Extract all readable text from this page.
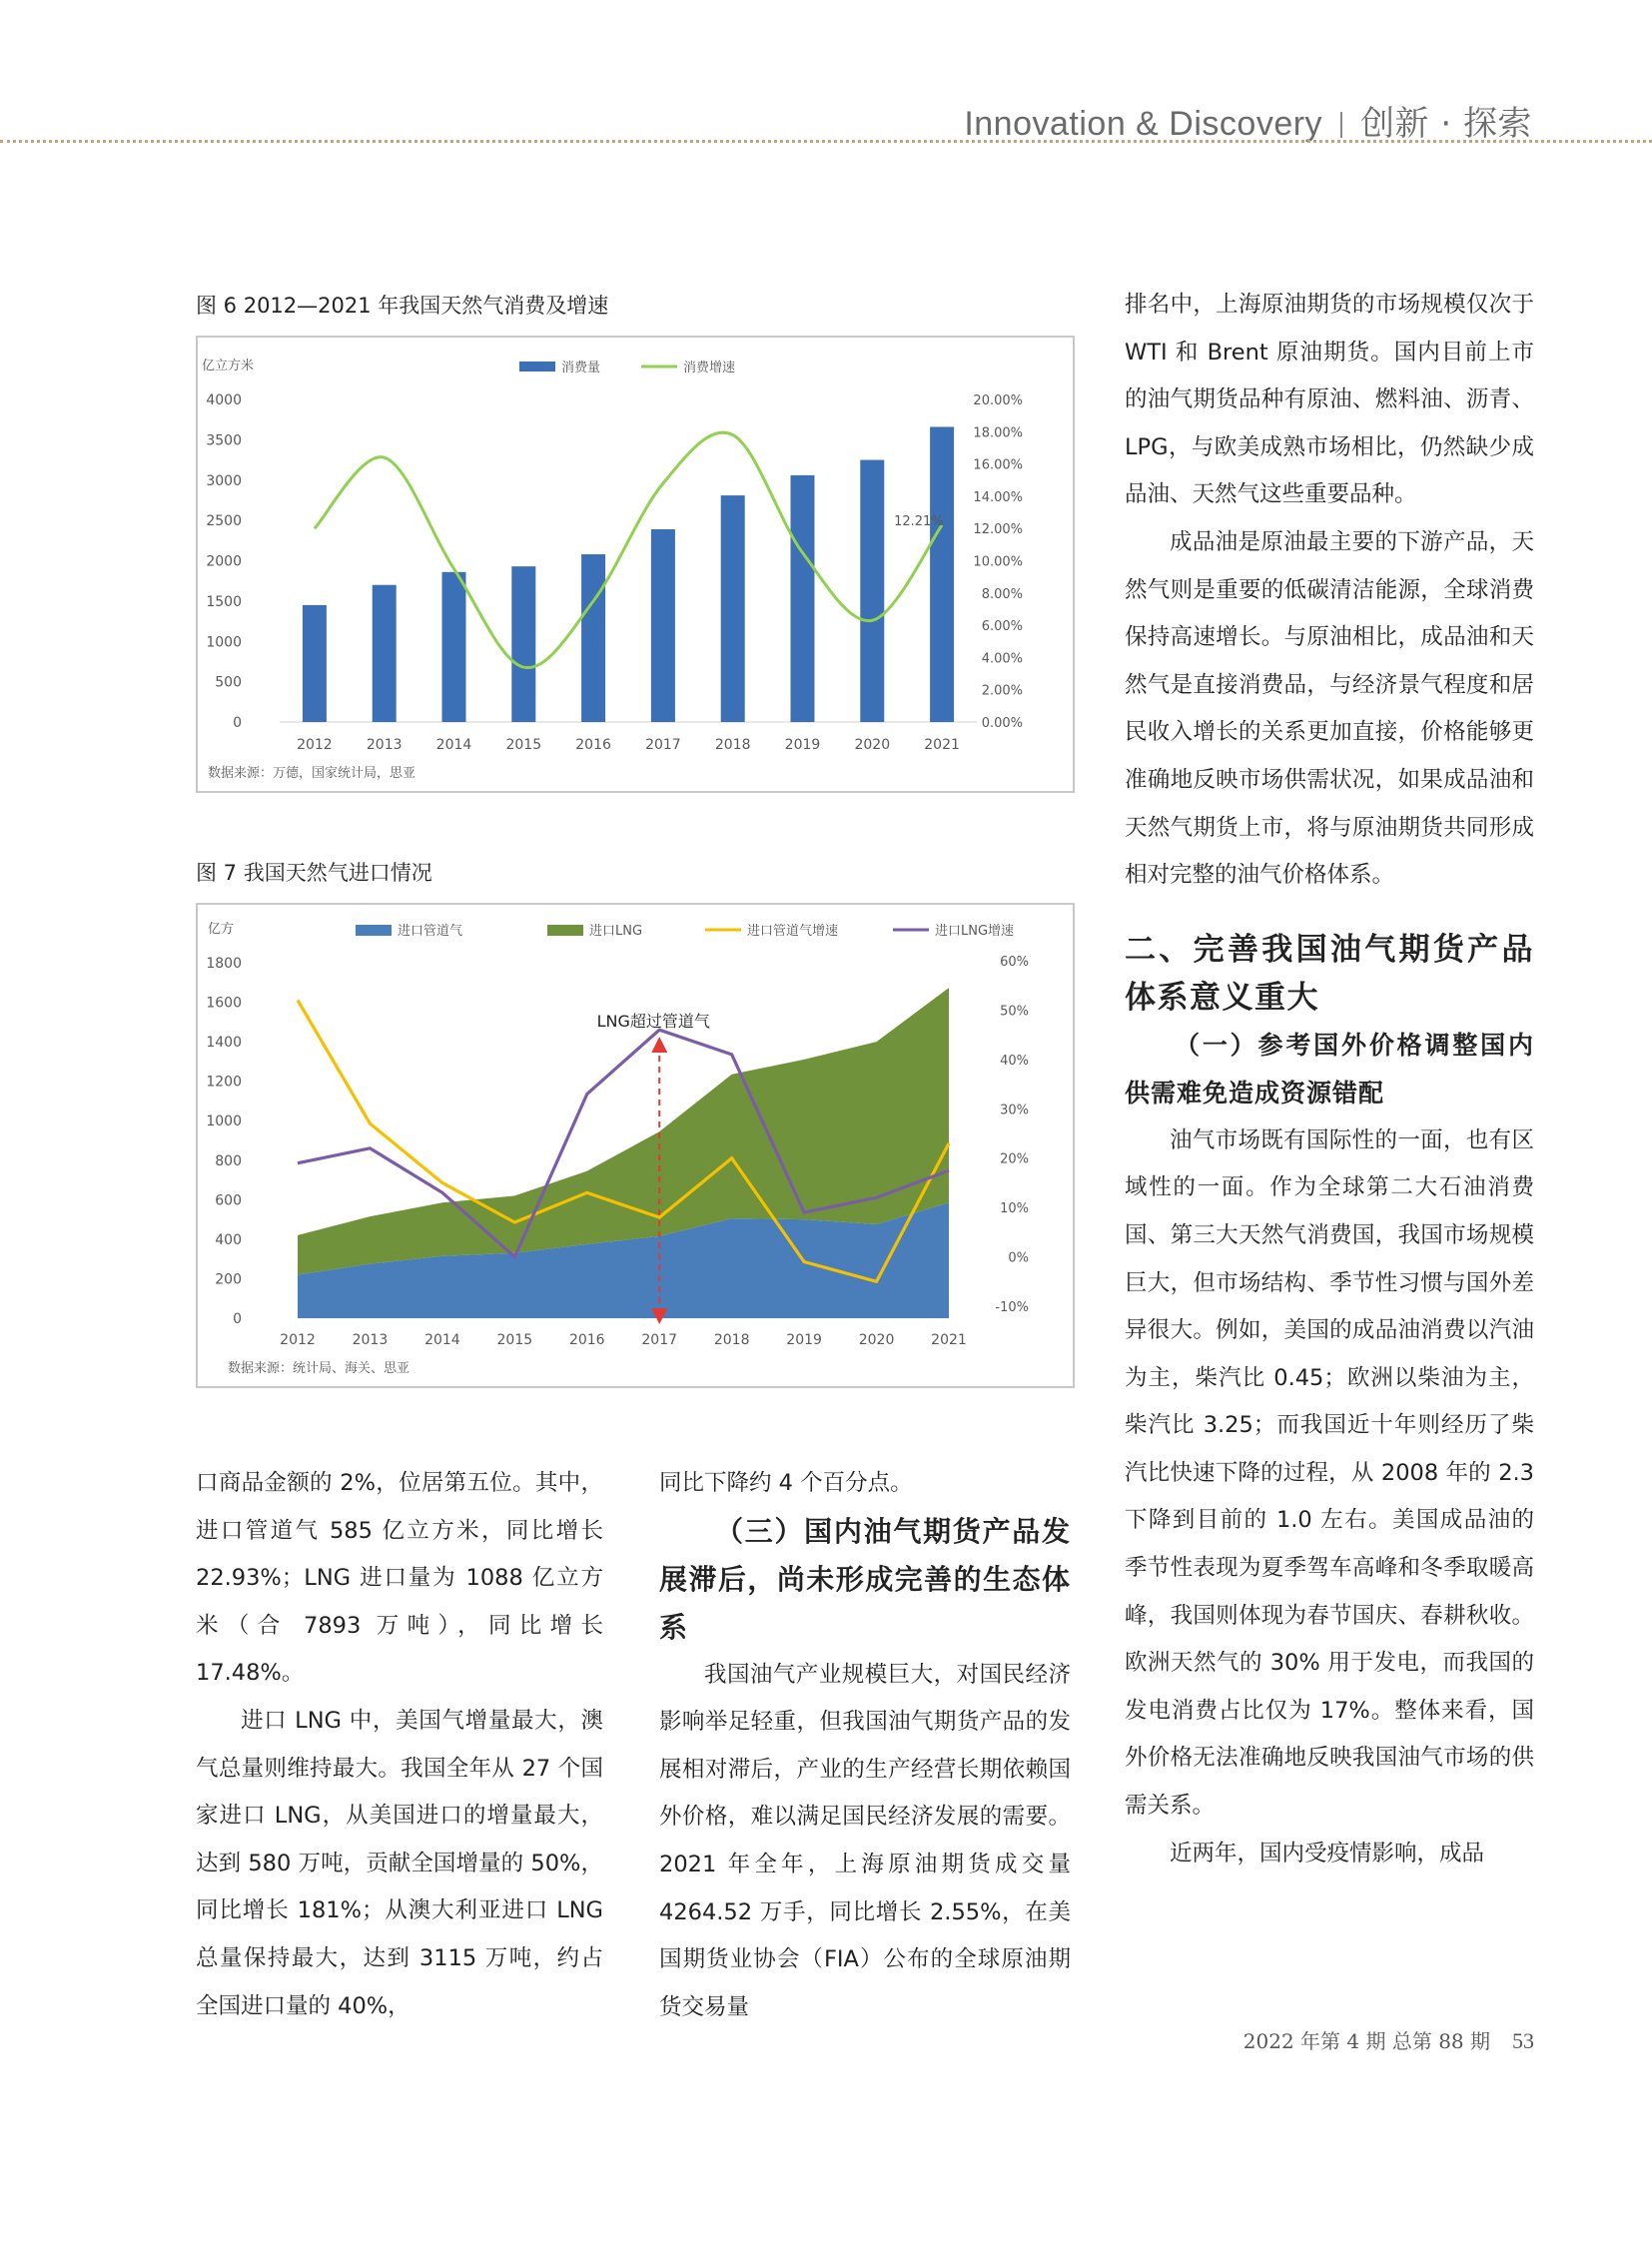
Innovation & Discovery 创新 · 探索
图 6 2012—2021 年我国天然气消费及增速
亿立方米	消费量	消费增速
0
500
1000
1500
2000
2500
3000
3500
4000
0.00%
2.00%
4.00%
6.00%
8.00%
10.00%
12.00%
14.00%
16.00%
18.00%
20.00%
2012 2013 2014 2015 2016 2017 2018 2019 2020 2021
12.21%
数据来源：万德，国家统计局，思亚
图 7 我国天然气进口情况
亿方	进口管道气	进口LNG	进口管道气增速	进口LNG增速
0
200
400
600
800
1000
1200
1400
1600
1800
-10%
0%
10%
20%
30%
40%
50%
60%
LNG超过管道气
2012	2013	2014	2015	2016	2017	2018	2019	2020	2021
数据来源：统计局、海关、思亚

口商品金额的 2%，位居第五位。其中，进口管道气 585 亿立方米，同比增长 22.93%；LNG 进口量为 1088 亿立方米（合 7893 万吨），同比增长 17.48%。

进口 LNG 中，美国气增量最大，澳气总量则维持最大。我国全年从 27 个国家进口 LNG，从美国进口的增量最大，达到 580 万吨，贡献全国增量的 50%，同比增长 181%；从澳大利亚进口 LNG 总量保持最大，达到 3115 万吨，约占全国进口量的 40%，

同比下降约 4 个百分点。

（三）国内油气期货产品发展滞后，尚未形成完善的生态体系

我国油气产业规模巨大，对国民经济影响举足轻重，但我国油气期货产品的发展相对滞后，产业的生产经营长期依赖国外价格，难以满足国民经济发展的需要。2021 年全年，上海原油期货成交量 4264.52 万手，同比增长 2.55%，在美国期货业协会（FIA）公布的全球原油期货交易量

排名中，上海原油期货的市场规模仅次于 WTI 和 Brent 原油期货。国内目前上市的油气期货品种有原油、燃料油、沥青、LPG，与欧美成熟市场相比，仍然缺少成品油、天然气这些重要品种。

成品油是原油最主要的下游产品，天然气则是重要的低碳清洁能源，全球消费保持高速增长。与原油相比，成品油和天然气是直接消费品，与经济景气程度和居民收入增长的关系更加直接，价格能够更准确地反映市场供需状况，如果成品油和天然气期货上市，将与原油期货共同形成相对完整的油气价格体系。

二、完善我国油气期货产品体系意义重大

（一）参考国外价格调整国内供需难免造成资源错配

油气市场既有国际性的一面，也有区域性的一面。作为全球第二大石油消费国、第三大天然气消费国，我国市场规模巨大，但市场结构、季节性习惯与国外差异很大。例如，美国的成品油消费以汽油为主，柴汽比 0.45；欧洲以柴油为主，柴汽比 3.25；而我国近十年则经历了柴汽比快速下降的过程，从 2008 年的 2.3 下降到目前的 1.0 左右。美国成品油的季节性表现为夏季驾车高峰和冬季取暖高峰，我国则体现为春节国庆、春耕秋收。欧洲天然气的 30% 用于发电，而我国的发电消费占比仅为 17%。整体来看，国外价格无法准确地反映我国油气市场的供需关系。

近两年，国内受疫情影响，成品

2022 年第 4 期 总第 88 期 53
